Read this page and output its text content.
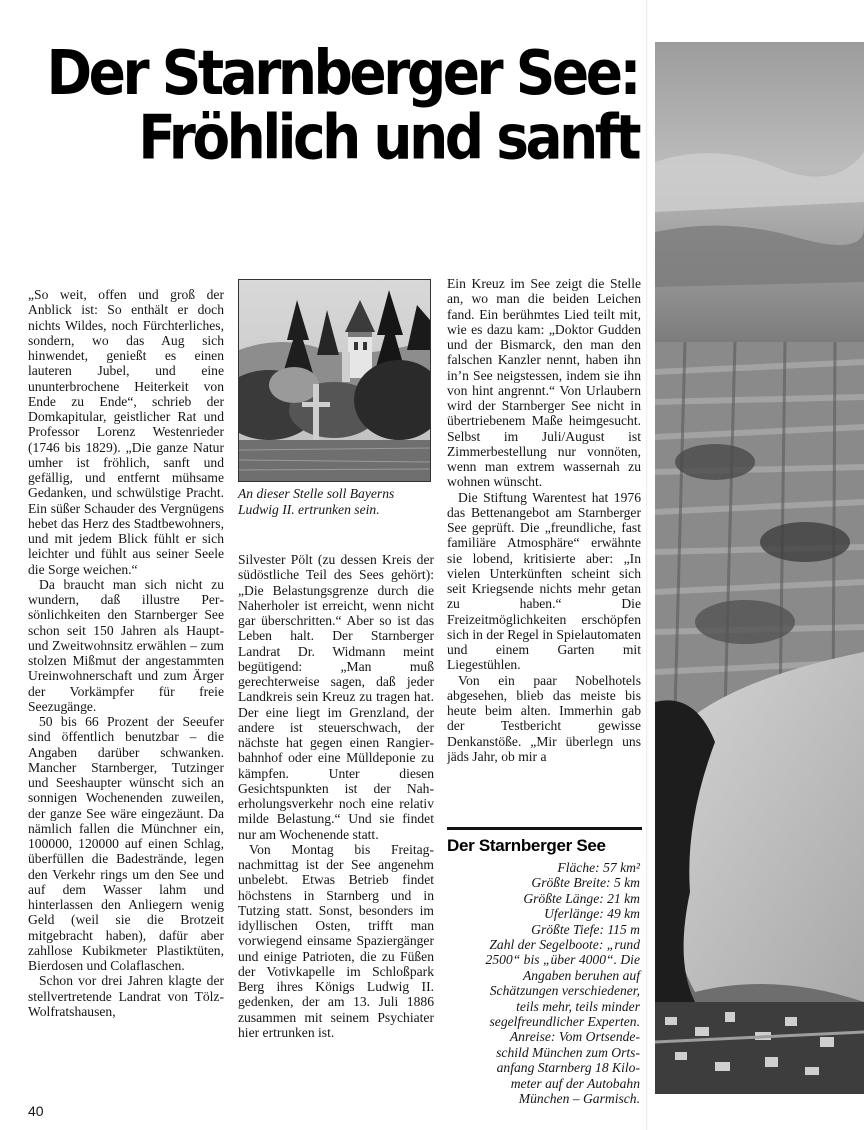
Der Starnberger See:
Fröhlich und sanft

„So weit, offen und groß der Anblick ist: So enthält er doch nichts Wildes, noch Fürchterliches, sondern, wo das Aug sich hinwendet, genießt es einen lauteren Jubel, und eine ununterbrochene Heiterkeit von Ende zu Ende“, schrieb der Domkapitular, geistlicher Rat und Professor Lorenz Westenrieder (1746 bis 1829). „Die ganze Natur umher ist fröhlich, sanft und gefällig, und entfernt mühsame Gedanken, und schwülstige Pracht. Ein süßer Schauder des Vergnügens hebet das Herz des Stadtbewohners, und mit jedem Blick fühlt er sich leichter und fühlt aus seiner Seele die Sorge weichen.“

Da braucht man sich nicht zu wundern, daß illustre Persönlichkeiten den Starnberger See schon seit 150 Jahren als Haupt- und Zweitwohnsitz erwählen – zum stolzen Mißmut der angestammten Ureinwohnerschaft und zum Ärger der Vorkämpfer für freie Seezugänge.

50 bis 66 Prozent der Seeufer sind öffentlich benutzbar – die Angaben darüber schwanken. Mancher Starnberger, Tutzinger und Seeshaupter wünscht sich an sonnigen Wochenenden zuweilen, der ganze See wäre eingezäunt. Da nämlich fallen die Münchner ein, 100000, 120000 auf einen Schlag, überfüllen die Badestrände, legen den Verkehr rings um den See und auf dem Wasser lahm und hinterlassen den Anliegern wenig Geld (weil sie die Brotzeit mitgebracht haben), dafür aber zahllose Kubikmeter Plastiktüten, Bierdosen und Colaflaschen.

Schon vor drei Jahren klagte der stellvertretende Landrat von Tölz-Wolfratshausen,

An dieser Stelle soll Bayerns Ludwig II. ertrunken sein.

Silvester Pölt (zu dessen Kreis der südöstliche Teil des Sees gehört): „Die Belastungsgrenze durch die Naherholer ist erreicht, wenn nicht gar überschritten.“ Aber so ist das Leben halt. Der Starnberger Landrat Dr. Widmann meint begütigend: „Man muß gerechterweise sagen, daß jeder Landkreis sein Kreuz zu tragen hat. Der eine liegt im Grenzland, der andere ist steuerschwach, der nächste hat gegen einen Rangierbahnhof oder eine Mülldeponie zu kämpfen. Unter diesen Gesichtspunkten ist der Naherholungsverkehr noch eine relativ milde Belastung.“ Und sie findet nur am Wochenende statt.

Von Montag bis Freitagnachmittag ist der See angenehm unbelebt. Etwas Betrieb findet höchstens in Starnberg und in Tutzing statt. Sonst, besonders im idyllischen Osten, trifft man vorwiegend einsame Spaziergänger und einige Patrioten, die zu Füßen der Votivkapelle im Schloßpark Berg ihres Königs Ludwig II. gedenken, der am 13. Juli 1886 zusammen mit seinem Psychiater hier ertrunken ist.

Ein Kreuz im See zeigt die Stelle an, wo man die beiden Leichen fand. Ein berühmtes Lied teilt mit, wie es dazu kam: „Doktor Gudden und der Bismarck, den man den falschen Kanzler nennt, haben ihn in’n See neigstessen, indem sie ihn von hint angrennt.“ Von Urlaubern wird der Starnberger See nicht in übertriebenem Maße heimgesucht. Selbst im Juli/August ist Zimmerbestellung nur vonnöten, wenn man extrem wassernah zu wohnen wünscht.

Die Stiftung Warentest hat 1976 das Bettenangebot am Starnberger See geprüft. Die „freundliche, fast familiäre Atmosphäre“ erwähnte sie lobend, kritisierte aber: „In vielen Unterkünften scheint sich seit Kriegsende nichts mehr getan zu haben.“ Die Freizeitmöglichkeiten erschöpfen sich in der Regel in Spielautomaten und einem Garten mit Liegestühlen.

Von ein paar Nobelhotels abgesehen, blieb das meiste bis heute beim alten. Immerhin gab der Testbericht gewisse Denkanstöße. „Mir überlegn uns jäds Jahr, ob mir a

Der Starnberger See
Fläche: 57 km²
Größte Breite: 5 km
Größte Länge: 21 km
Uferlänge: 49 km
Größte Tiefe: 115 m
Zahl der Segelboote: „rund
2500“ bis „über 4000“. Die
Angaben beruhen auf
Schätzungen verschiedener,
teils mehr, teils minder
segelfreundlicher Experten.
Anreise: Vom Ortsende-
schild München zum Orts-
anfang Starnberg 18 Kilo-
meter auf der Autobahn
München – Garmisch.
40
